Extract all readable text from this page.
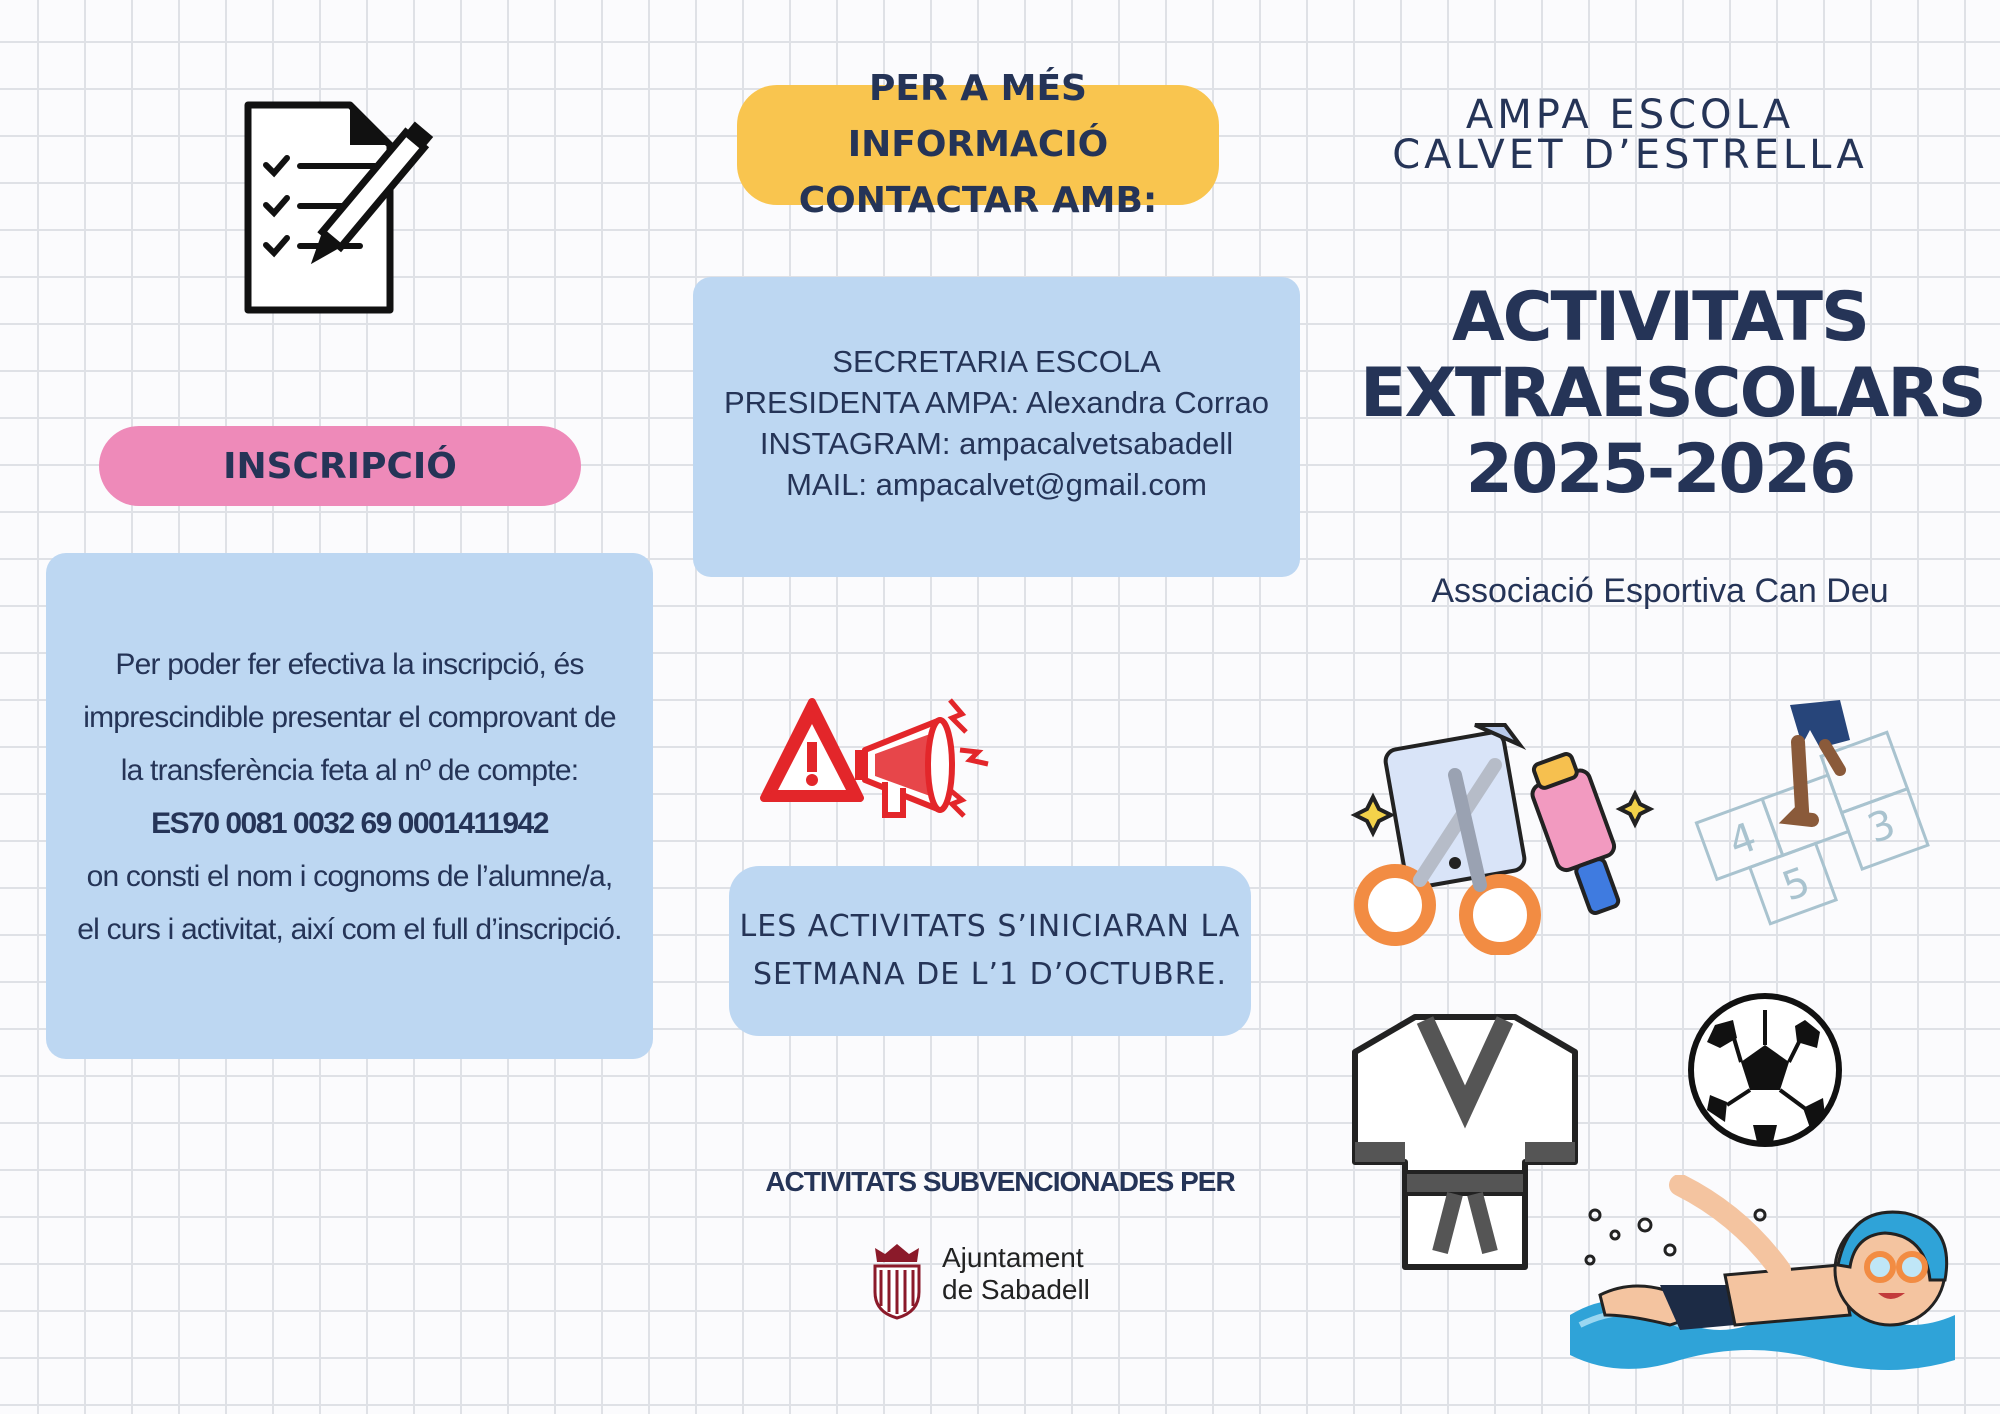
INSCRIPCIÓ
Per poder fer efectiva la inscripció, és
imprescindible presentar el comprovant de
la transferència feta al nº de compte:
ES70 0081 0032 69 0001411942
on consti el nom i cognoms de l’alumne/a,
el curs i activitat, així com el full d’inscripció.
PER A MÉS INFORMACIÓ
CONTACTAR AMB:
SECRETARIA ESCOLA
PRESIDENTA AMPA: Alexandra Corrao
INSTAGRAM: ampacalvetsabadell
MAIL: ampacalvet@gmail.com
LES ACTIVITATS S’INICIARAN LA
SETMANA DE L’1 D’OCTUBRE.
ACTIVITATS SUBVENCIONADES PER
Ajuntament
de Sabadell
AMPA ESCOLA
CALVET D’ESTRELLA
ACTIVITATS
EXTRAESCOLARS
2025-2026
Associació Esportiva Can Deu
4 3
5
